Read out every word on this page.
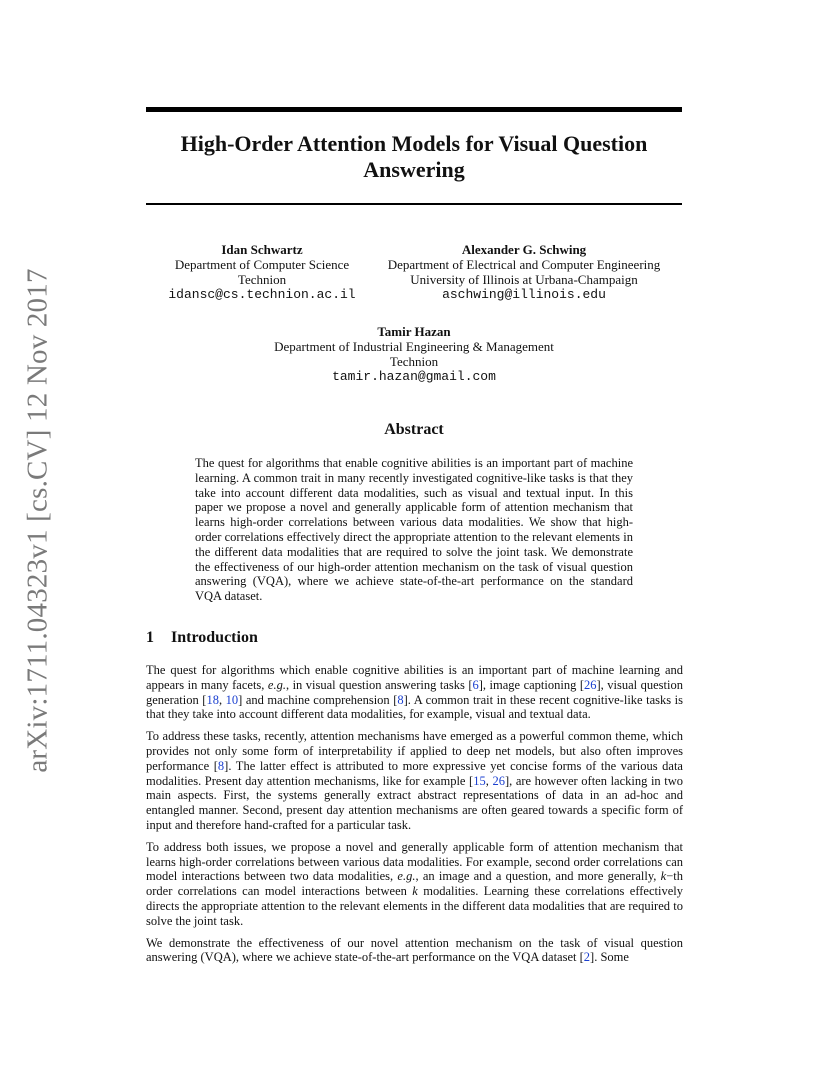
arXiv:1711.04323v1 [cs.CV] 12 Nov 2017
High-Order Attention Models for Visual Question Answering
Idan Schwartz
Department of Computer Science
Technion
idansc@cs.technion.ac.il
Alexander G. Schwing
Department of Electrical and Computer Engineering
University of Illinois at Urbana-Champaign
aschwing@illinois.edu
Tamir Hazan
Department of Industrial Engineering & Management
Technion
tamir.hazan@gmail.com
Abstract

The quest for algorithms that enable cognitive abilities is an important part of machine learning. A common trait in many recently investigated cognitive-like tasks is that they take into account different data modalities, such as visual and textual input. In this paper we propose a novel and generally applicable form of attention mechanism that learns high-order correlations between various data modalities. We show that high-order correlations effectively direct the appropriate attention to the relevant elements in the different data modalities that are required to solve the joint task. We demonstrate the effectiveness of our high-order attention mechanism on the task of visual question answering (VQA), where we achieve state-of-the-art performance on the standard VQA dataset.

1 Introduction

The quest for algorithms which enable cognitive abilities is an important part of machine learning and appears in many facets, e.g., in visual question answering tasks [6], image captioning [26], visual question generation [18, 10] and machine comprehension [8]. A common trait in these recent cognitive-like tasks is that they take into account different data modalities, for example, visual and textual data.

To address these tasks, recently, attention mechanisms have emerged as a powerful common theme, which provides not only some form of interpretability if applied to deep net models, but also often improves performance [8]. The latter effect is attributed to more expressive yet concise forms of the various data modalities. Present day attention mechanisms, like for example [15, 26], are however often lacking in two main aspects. First, the systems generally extract abstract representations of data in an ad-hoc and entangled manner. Second, present day attention mechanisms are often geared towards a specific form of input and therefore hand-crafted for a particular task.

To address both issues, we propose a novel and generally applicable form of attention mechanism that learns high-order correlations between various data modalities. For example, second order correlations can model interactions between two data modalities, e.g., an image and a question, and more generally, k−th order correlations can model interactions between k modalities. Learning these correlations effectively directs the appropriate attention to the relevant elements in the different data modalities that are required to solve the joint task.

We demonstrate the effectiveness of our novel attention mechanism on the task of visual question answering (VQA), where we achieve state-of-the-art performance on the VQA dataset [2]. Some
